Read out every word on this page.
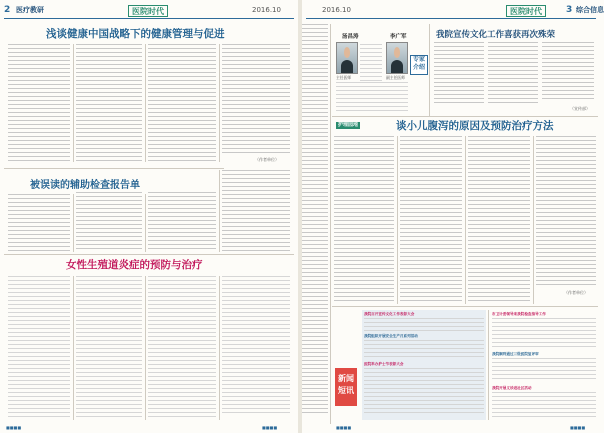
2 医疗教研	医院时代	2016.10
浅谈健康中国战略下的健康管理与促进
（作者单位）
被误读的辅助检查报告单
女性生殖道炎症的预防与治疗
■■■■	■■■■
2016.10	医院时代	3 综合信息
汤昌涛
主任医师
李广军
副主任医师
专家介绍
我院宣传文化工作喜获再次殊荣
（宣传部）
护理园地	谈小儿腹泻的原因及预防治疗方法
（作者单位）
新闻
短讯
我院召开宣传文化工作表彰大会
我院组织开展安全生产月系列活动
医院举办护士节表彰大会
市卫计委领导来我院检查指导工作
我院顺利通过三级医院复评审
我院开展义诊进社区活动
■■■■	■■■■
